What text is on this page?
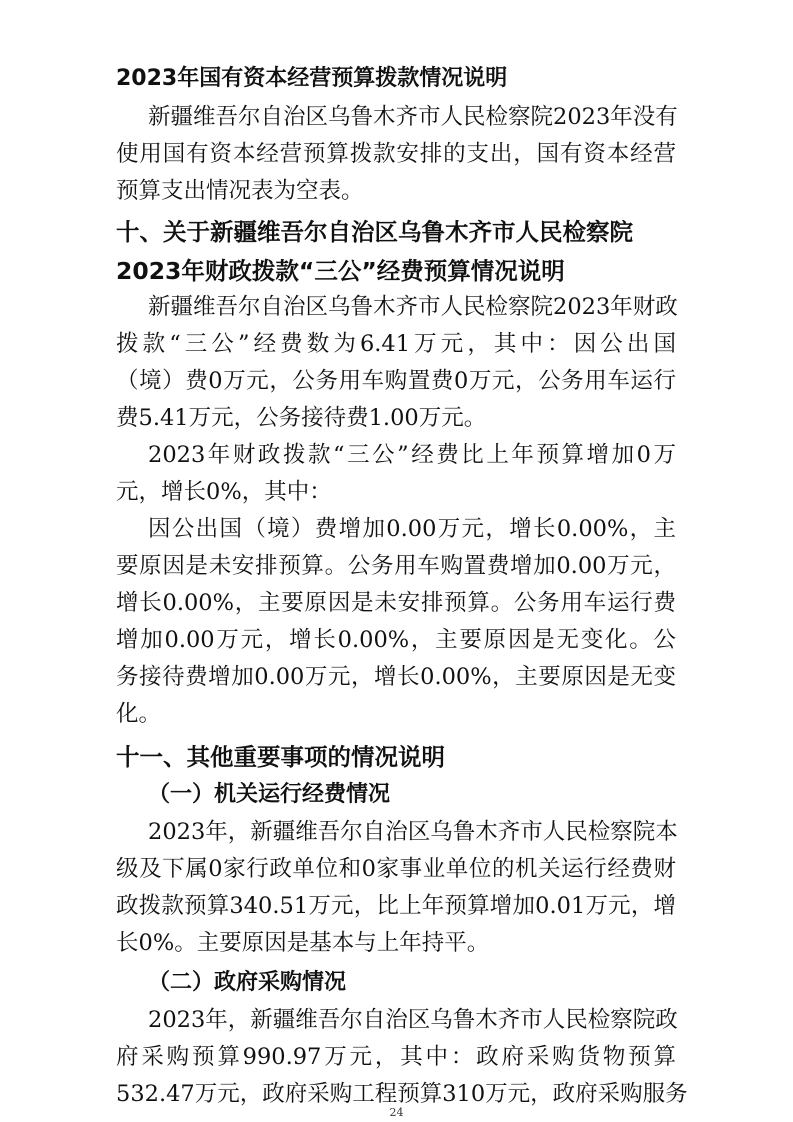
2023年国有资本经营预算拨款情况说明
新疆维吾尔自治区乌鲁木齐市人民检察院2023年没有
使用国有资本经营预算拨款安排的支出，国有资本经营
预算支出情况表为空表。
十、关于新疆维吾尔自治区乌鲁木齐市人民检察院
2023年财政拨款“三公”经费预算情况说明
新疆维吾尔自治区乌鲁木齐市人民检察院2023年财政
拨款“三公”经费数为6.41万元，其中：因公出国
（境）费0万元，公务用车购置费0万元，公务用车运行
费5.41万元，公务接待费1.00万元。
2023年财政拨款“三公”经费比上年预算增加0万
元，增长0%，其中：
因公出国（境）费增加0.00万元，增长0.00%，主
要原因是未安排预算。公务用车购置费增加0.00万元，
增长0.00%，主要原因是未安排预算。公务用车运行费
增加0.00万元，增长0.00%，主要原因是无变化。公
务接待费增加0.00万元，增长0.00%，主要原因是无变
化。
十一、其他重要事项的情况说明
（一）机关运行经费情况
2023年，新疆维吾尔自治区乌鲁木齐市人民检察院本
级及下属0家行政单位和0家事业单位的机关运行经费财
政拨款预算340.51万元，比上年预算增加0.01万元，增
长0%。主要原因是基本与上年持平。
（二）政府采购情况
2023年，新疆维吾尔自治区乌鲁木齐市人民检察院政
府采购预算990.97万元，其中：政府采购货物预算
532.47万元，政府采购工程预算310万元，政府采购服务
24
